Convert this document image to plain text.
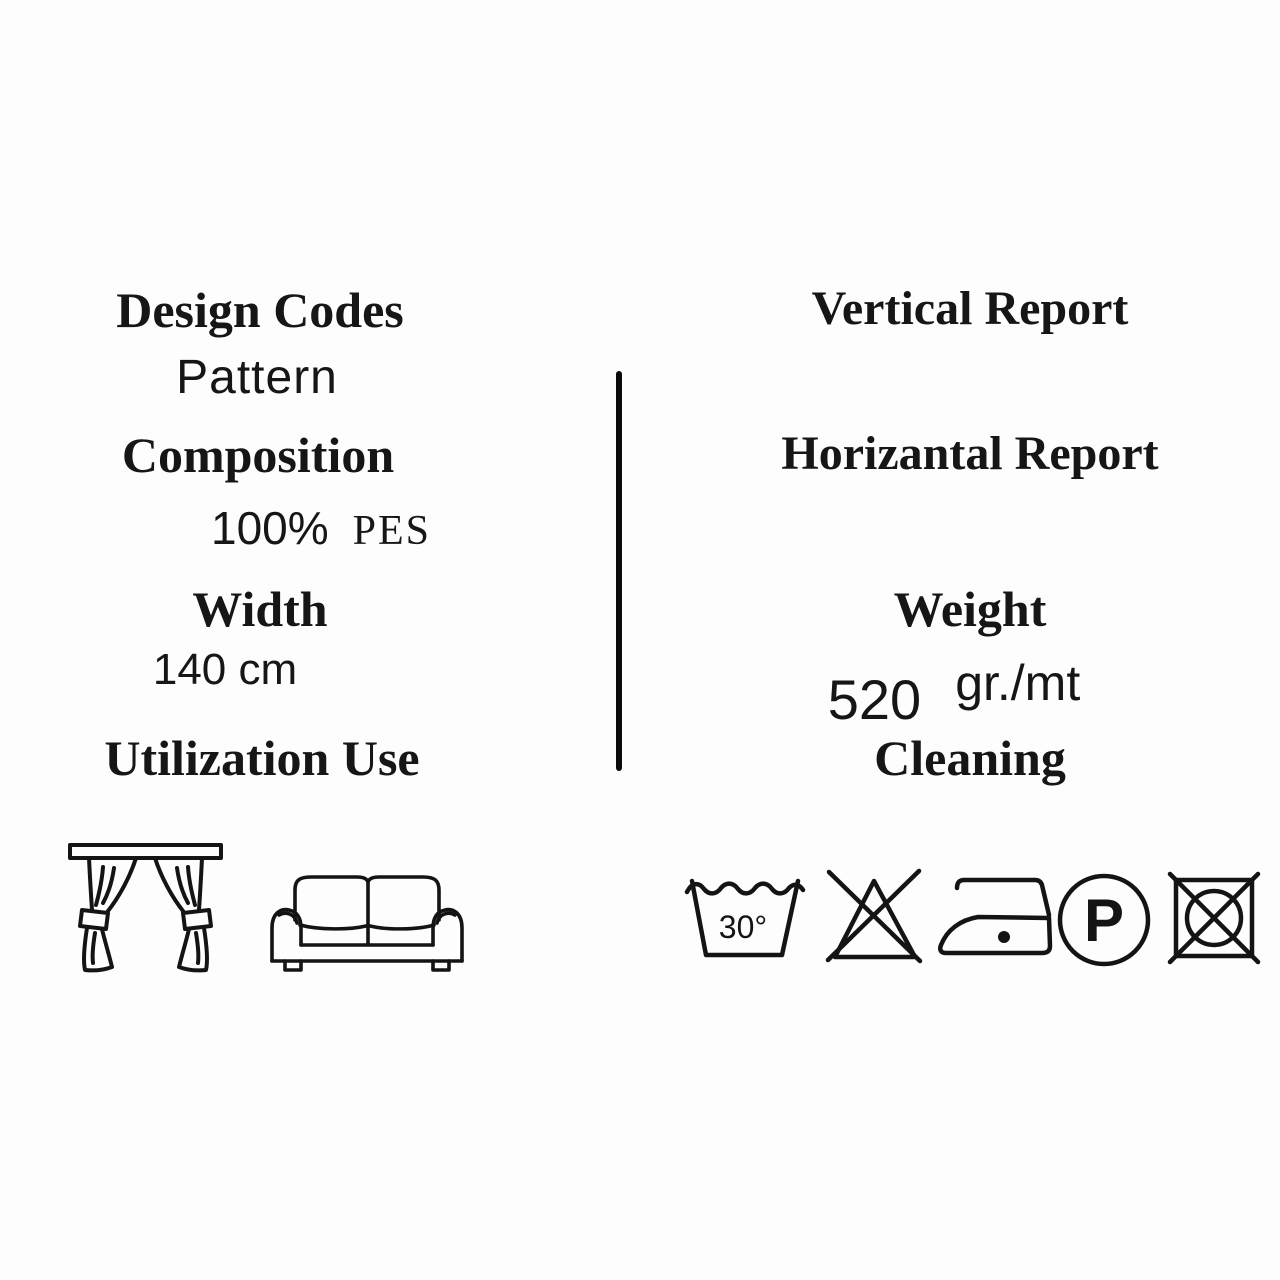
Design Codes
Pattern
Composition
100% PES
Width
140 cm
Utilization Use
Vertical Report
Horizantal Report
Weight
520 gr./mt
Cleaning
30°	P
